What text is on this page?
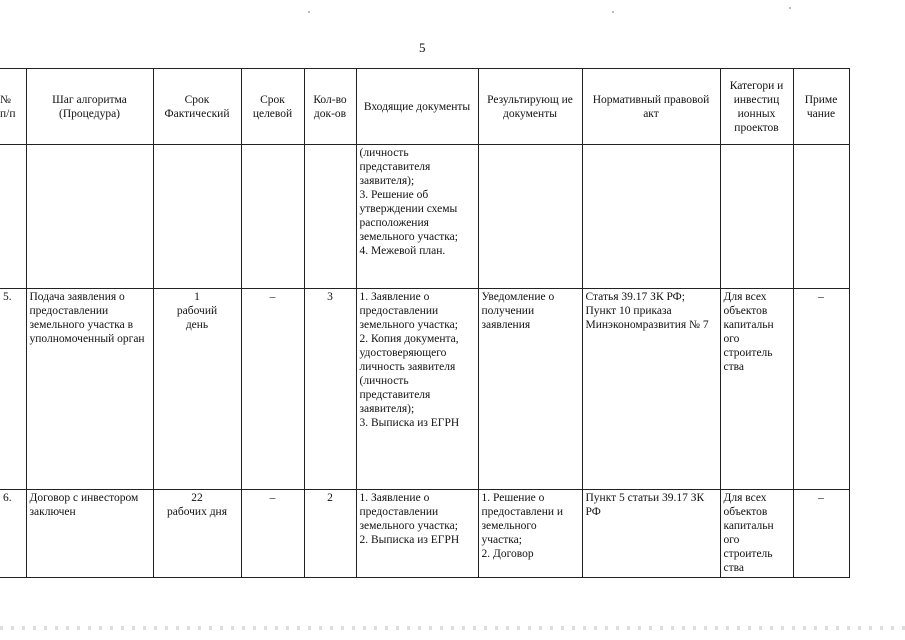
5
№ п/п	Шаг алгоритма (Процедура)	Срок Фактический	Срок целевой	Кол-во док-ов	Входящие документы	Результирующ ие документы	Нормативный правовой акт	Категори и инвестиц ионных проектов	Приме чание
					(личность представителя заявителя);
3. Решение об утверждении схемы расположения земельного участка;
4. Межевой план.				
5.	Подача заявления о предоставлении земельного участка в уполномоченный орган	1
рабочий
день	–	3	1. Заявление о предоставлении земельного участка;
2. Копия документа, удостоверяющего личность заявителя (личность представителя заявителя);
3. Выписка из ЕГРН	Уведомление о получении заявления	Статья 39.17 ЗК РФ; Пункт 10 приказа Минэкономразвития № 7	Для всех объектов капитальн ого строитель ства	–
6.	Договор с инвестором заключен	22
рабочих дня	–	2	1. Заявление о предоставлении земельного участка;
2. Выписка из ЕГРН	1. Решение о предоставлени и земельного участка;
2. Договор	Пункт 5 статьи 39.17 ЗК РФ	Для всех объектов капитальн ого строитель ства	–
